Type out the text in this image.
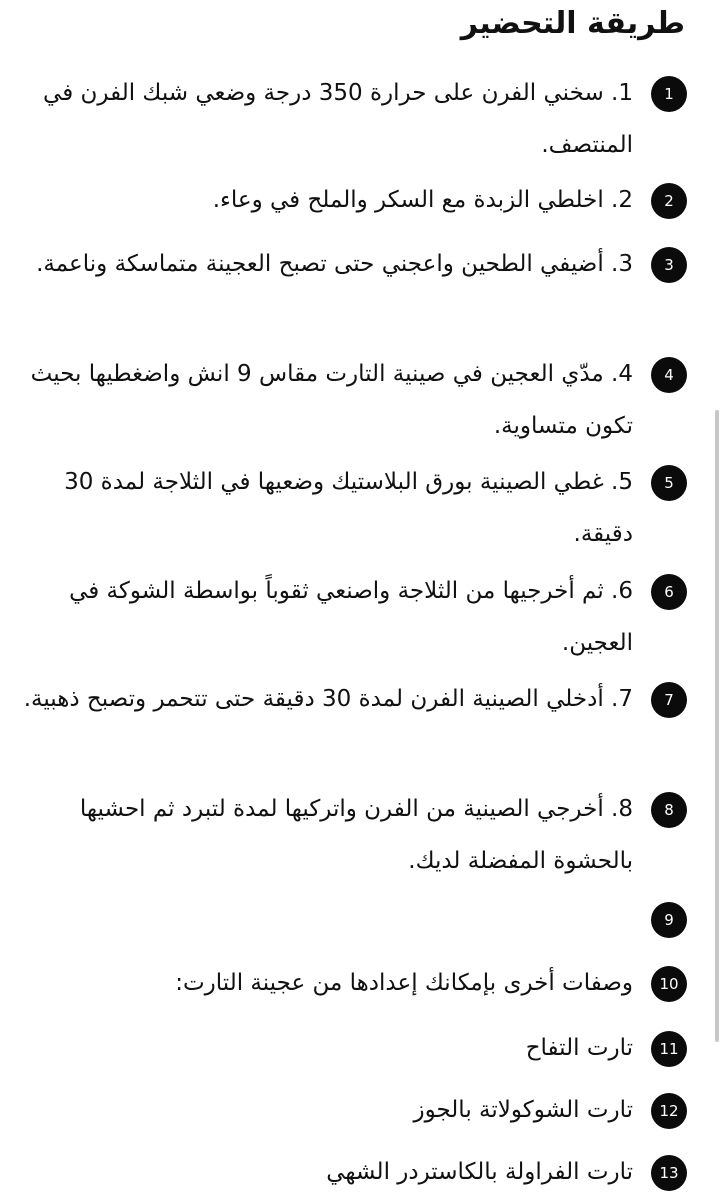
طريقة التحضير
1
1. سخني الفرن على حرارة 350 درجة وضعي شبك الفرن في المنتصف.
2
2. اخلطي الزبدة مع السكر والملح في وعاء.
3
3. أضيفي الطحين واعجني حتى تصبح العجينة متماسكة وناعمة.
4
4. مدّي العجين في صينية التارت مقاس 9 انش واضغطيها بحيث تكون متساوية.
5
5. غطي الصينية بورق البلاستيك وضعيها في الثلاجة لمدة 30 دقيقة.
6
6. ثم أخرجيها من الثلاجة واصنعي ثقوباً بواسطة الشوكة في العجين.
7
7. أدخلي الصينية الفرن لمدة 30 دقيقة حتى تتحمر وتصبح ذهبية.
8
8. أخرجي الصينية من الفرن واتركيها لمدة لتبرد ثم احشيها بالحشوة المفضلة لديك.
9
10
وصفات أخرى بإمكانك إعدادها من عجينة التارت:
11
تارت التفاح
12
تارت الشوكولاتة بالجوز
13
تارت الفراولة بالكاستردر الشهي
